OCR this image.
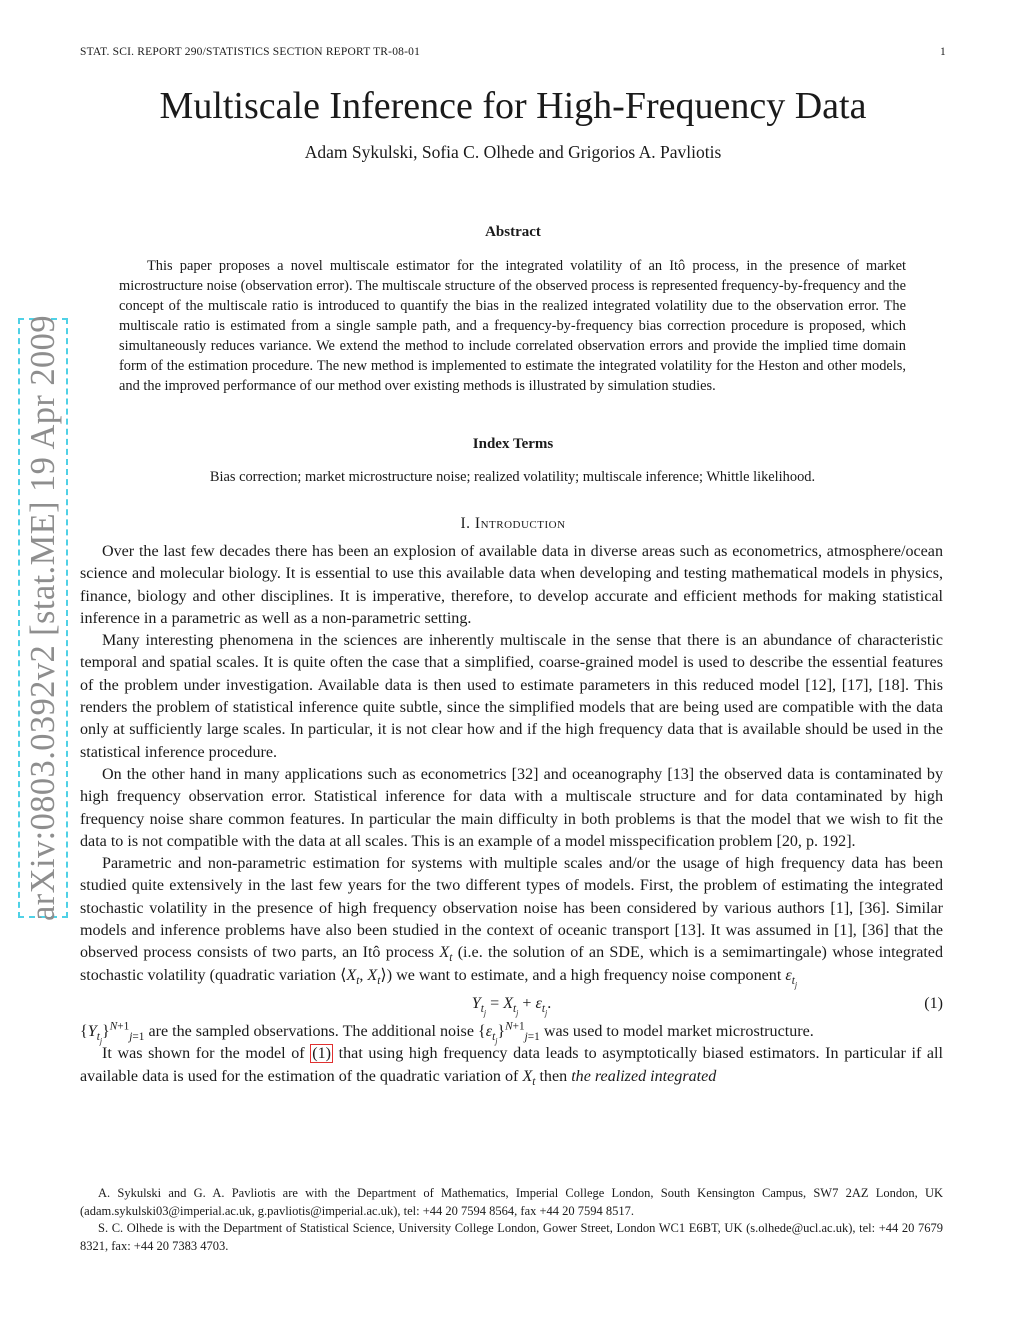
STAT. SCI. REPORT 290/STATISTICS SECTION REPORT TR-08-01	1
arXiv:0803.0392v2 [stat.ME] 19 Apr 2009
Multiscale Inference for High-Frequency Data
Adam Sykulski, Sofia C. Olhede and Grigorios A. Pavliotis
Abstract

This paper proposes a novel multiscale estimator for the integrated volatility of an Itô process, in the presence of market microstructure noise (observation error). The multiscale structure of the observed process is represented frequency-by-frequency and the concept of the multiscale ratio is introduced to quantify the bias in the realized integrated volatility due to the observation error. The multiscale ratio is estimated from a single sample path, and a frequency-by-frequency bias correction procedure is proposed, which simultaneously reduces variance. We extend the method to include correlated observation errors and provide the implied time domain form of the estimation procedure. The new method is implemented to estimate the integrated volatility for the Heston and other models, and the improved performance of our method over existing methods is illustrated by simulation studies.

Index Terms

Bias correction; market microstructure noise; realized volatility; multiscale inference; Whittle likelihood.

I. Introduction

Over the last few decades there has been an explosion of available data in diverse areas such as econometrics, atmosphere/ocean science and molecular biology. It is essential to use this available data when developing and testing mathematical models in physics, finance, biology and other disciplines. It is imperative, therefore, to develop accurate and efficient methods for making statistical inference in a parametric as well as a non-parametric setting.

Many interesting phenomena in the sciences are inherently multiscale in the sense that there is an abundance of characteristic temporal and spatial scales. It is quite often the case that a simplified, coarse-grained model is used to describe the essential features of the problem under investigation. Available data is then used to estimate parameters in this reduced model [12], [17], [18]. This renders the problem of statistical inference quite subtle, since the simplified models that are being used are compatible with the data only at sufficiently large scales. In particular, it is not clear how and if the high frequency data that is available should be used in the statistical inference procedure.

On the other hand in many applications such as econometrics [32] and oceanography [13] the observed data is contaminated by high frequency observation error. Statistical inference for data with a multiscale structure and for data contaminated by high frequency noise share common features. In particular the main difficulty in both problems is that the model that we wish to fit the data to is not compatible with the data at all scales. This is an example of a model misspecification problem [20, p. 192].

Parametric and non-parametric estimation for systems with multiple scales and/or the usage of high frequency data has been studied quite extensively in the last few years for the two different types of models. First, the problem of estimating the integrated stochastic volatility in the presence of high frequency observation noise has been considered by various authors [1], [36]. Similar models and inference problems have also been studied in the context of oceanic transport [13]. It was assumed in [1], [36] that the observed process consists of two parts, an Itô process $X_t$ (i.e. the solution of an SDE, which is a semimartingale) whose integrated stochastic volatility (quadratic variation $⟨X_t$, $X_t⟩$) we want to estimate, and a high frequency noise component $\varepsilon_{t_j}$

$Y_{t_j} = X_{t_j} + \varepsilon_{t_j}$.	(1)

$\{Y_{t_j}\}^{N+1}_{j=1}$ are the sampled observations. The additional noise $\{\varepsilon_{t_j}\}^{N+1}_{j=1}$ was used to model market microstructure.

It was shown for the model of (1) that using high frequency data leads to asymptotically biased estimators. In particular if all available data is used for the estimation of the quadratic variation of $X_t$ then the realized integrated

A. Sykulski and G. A. Pavliotis are with the Department of Mathematics, Imperial College London, South Kensington Campus, SW7 2AZ London, UK (adam.sykulski03@imperial.ac.uk, g.pavliotis@imperial.ac.uk), tel: +44 20 7594 8564, fax +44 20 7594 8517.

S. C. Olhede is with the Department of Statistical Science, University College London, Gower Street, London WC1 E6BT, UK (s.olhede@ucl.ac.uk), tel: +44 20 7679 8321, fax: +44 20 7383 4703.
